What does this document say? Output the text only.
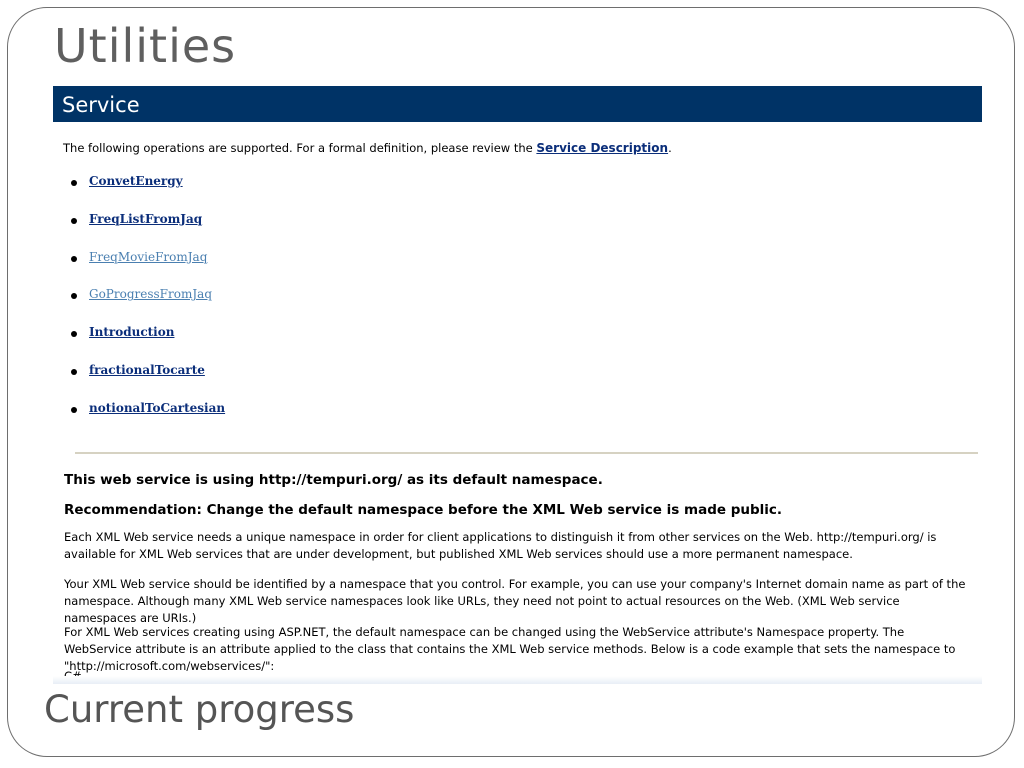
Utilities
Service
The following operations are supported. For a formal definition, please review the Service Description.
ConvetEnergy
FreqListFromJaq
FreqMovieFromJaq
GoProgressFromJaq
Introduction
fractionalTocarte
notionalToCartesian
This web service is using http://tempuri.org/ as its default namespace.
Recommendation: Change the default namespace before the XML Web service is made public.
Each XML Web service needs a unique namespace in order for client applications to distinguish it from other services on the Web. http://tempuri.org/ is available for XML Web services that are under development, but published XML Web services should use a more permanent namespace.
Your XML Web service should be identified by a namespace that you control. For example, you can use your company's Internet domain name as part of the namespace. Although many XML Web service namespaces look like URLs, they need not point to actual resources on the Web. (XML Web service namespaces are URIs.)
For XML Web services creating using ASP.NET, the default namespace can be changed using the WebService attribute's Namespace property. The WebService attribute is an attribute applied to the class that contains the XML Web service methods. Below is a code example that sets the namespace to "http://microsoft.com/webservices/":
Current progress
